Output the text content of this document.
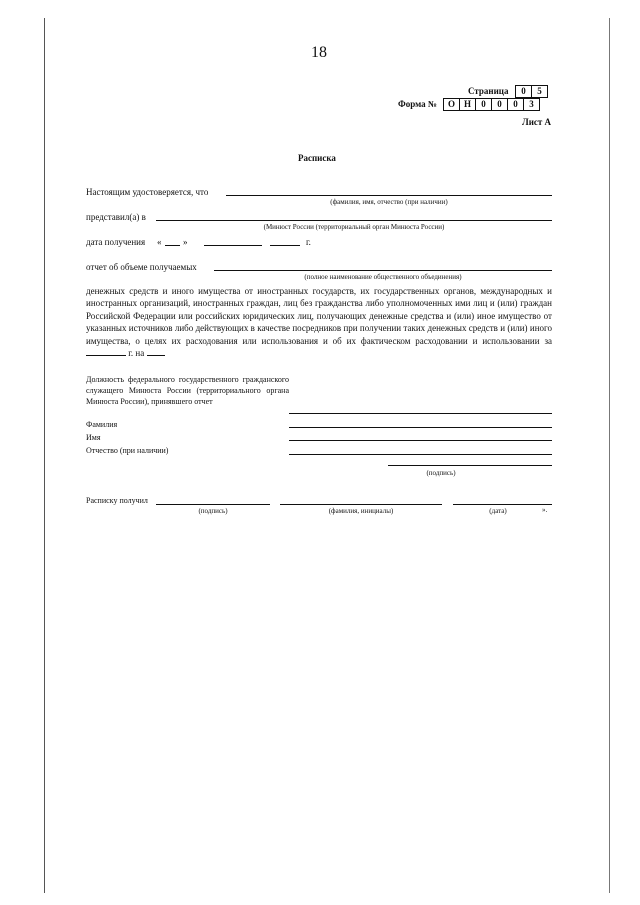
18
Страница	0	5
Форма №	О Н	0	0	0	3
Лист А
Расписка
Настоящим удостоверяется, что
(фамилия, имя, отчество (при наличии)
представил(а) в
(Минюст России (территориальный орган Минюста России)
дата получения « »	г.
отчет об объеме получаемых
(полное наименование общественного объединения)
денежных средств и иного имущества от иностранных государств, их государственных органов, международных и иностранных организаций, иностранных граждан, лиц без гражданства либо уполномоченных ими лиц и (или) граждан Российской Федерации или российских юридических лиц, получающих денежные средства и (или) иное имущество от указанных источников либо действующих в качестве посредников при получении таких денежных средств и (или) иного имущества, о целях их расходования или использования и об их фактическом расходовании и использовании за  г. на
Должность федерального государственного гражданского служащего Минюста России (территориального органа Минюста России), принявшего отчет
Фамилия
Имя
Отчество (при наличии)
(подпись)
Расписку получил
(подпись)	(фамилия, инициалы)	(дата)	».
